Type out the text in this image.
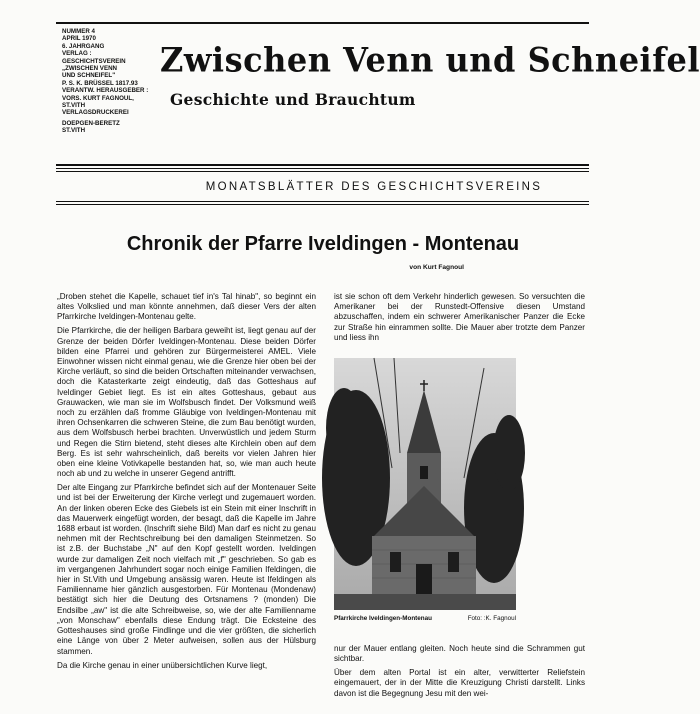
NUMMER 4
APRIL 1970
6. JAHRGANG
VERLAG :
GESCHICHTSVEREIN
„ZWISCHEN VENN
UND SCHNEIFEL"
P. S. K. BRÜSSEL 1817.93
VERANTW. HERAUSGEBER :
VORS. KURT FAGNOUL,
ST.VITH
VERLAGSDRUCKEREI
DOEPGEN-BERETZ
ST.VITH
Zwischen Venn und Schneifel
Geschichte und Brauchtum
MONATSBLÄTTER DES GESCHICHTSVEREINS
Chronik der Pfarre Iveldingen - Montenau
von Kurt Fagnoul

„Droben stehet die Kapelle, schauet tief in's Tal hinab", so beginnt ein altes Volkslied und man könnte annehmen, daß dieser Vers der alten Pfarrkirche Iveldingen-Montenau gelte.

Die Pfarrkirche, die der heiligen Barbara geweiht ist, liegt genau auf der Grenze der beiden Dörfer Iveldingen-Montenau. Diese beiden Dörfer bilden eine Pfarrei und gehören zur Bürgermeisterei AMEL. Viele Einwohner wissen nicht einmal genau, wie die Grenze hier oben bei der Kirche verläuft, so sind die beiden Ortschaften miteinander verwachsen, doch die Katasterkarte zeigt eindeutig, daß das Gotteshaus auf Iveldinger Gebiet liegt. Es ist ein altes Gotteshaus, gebaut aus Grauwacken, wie man sie im Wolfsbusch findet. Der Volksmund weiß noch zu erzählen daß fromme Gläubige von Iveldingen-Montenau mit ihren Ochsenkarren die schweren Steine, die zum Bau benötigt wurden, aus dem Wolfsbusch herbei brachten. Unverwüstlich und jedem Sturm und Regen die Stirn bietend, steht dieses alte Kirchlein oben auf dem Berg. Es ist sehr wahrscheinlich, daß bereits vor vielen Jahren hier oben eine kleine Votivkapelle bestanden hat, so, wie man auch heute noch ab und zu welche in unserer Gegend antrifft.

Der alte Eingang zur Pfarrkirche befindet sich auf der Montenauer Seite und ist bei der Erweiterung der Kirche verlegt und zugemauert worden. An der linken oberen Ecke des Giebels ist ein Stein mit einer Inschrift in das Mauerwerk eingefügt worden, der besagt, daß die Kapelle im Jahre 1688 erbaut ist worden. (Inschrift siehe Bild) Man darf es nicht zu genau nehmen mit der Rechtschreibung bei den damaligen Steinmetzen. So ist z.B. der Buchstabe „N" auf den Kopf gestellt worden. Iveldingen wurde zur damaligen Zeit noch vielfach mit „f" geschrieben. So gab es im vergangenen Jahrhundert sogar noch einige Familien Ifeldingen, die hier in St.Vith und Umgebung ansässig waren. Heute ist Ifeldingen als Familienname hier gänzlich ausgestorben. Für Montenau (Mondenaw) bestätigt sich hier die Deutung des Ortsnamens ? (monden) Die Endsilbe „aw" ist die alte Schreibweise, so, wie der alte Familienname „von Monschaw" ebenfalls diese Endung trägt. Die Ecksteine des Gotteshauses sind große Findlinge und die vier größten, die sicherlich eine Länge von über 2 Meter aufweisen, sollen aus der Hülsburg stammen.

Da die Kirche genau in einer unübersichtlichen Kurve liegt,

ist sie schon oft dem Verkehr hinderlich gewesen. So versuchten die Amerikaner bei der Runstedt-Offensive diesen Umstand abzuschaffen, indem ein schwerer Amerikanischer Panzer die Ecke zur Straße hin einrammen sollte. Die Mauer aber trotzte dem Panzer und liess ihn

Pfarrkirche Iveldingen-Montenau	Foto: :K. Fagnoul

nur der Mauer entlang gleiten. Noch heute sind die Schrammen gut sichtbar.

Über dem alten Portal ist ein alter, verwitterter Reliefstein eingemauert, der in der Mitte die Kreuzigung Christi darstellt. Links davon ist die Begegnung Jesu mit den wei-
